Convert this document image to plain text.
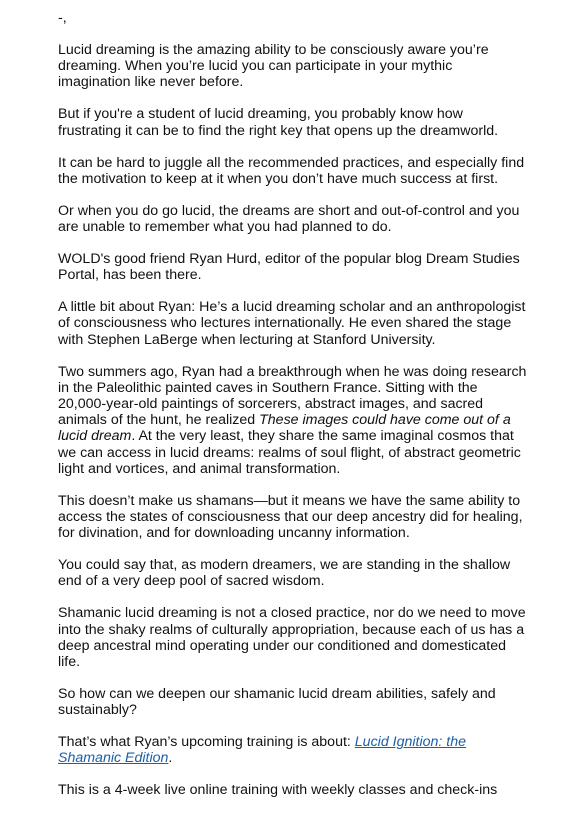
-,

Lucid dreaming is the amazing ability to be consciously aware you’re dreaming. When you’re lucid you can participate in your mythic imagination like never before.

But if you're a student of lucid dreaming, you probably know how frustrating it can be to find the right key that opens up the dreamworld.

It can be hard to juggle all the recommended practices, and especially find the motivation to keep at it when you don’t have much success at first.

Or when you do go lucid, the dreams are short and out-of-control and you are unable to remember what you had planned to do.

WOLD's good friend Ryan Hurd, editor of the popular blog Dream Studies Portal, has been there.

A little bit about Ryan: He’s a lucid dreaming scholar and an anthropologist of consciousness who lectures internationally. He even shared the stage with Stephen LaBerge when lecturing at Stanford University.

Two summers ago, Ryan had a breakthrough when he was doing research in the Paleolithic painted caves in Southern France. Sitting with the 20,000-year-old paintings of sorcerers, abstract images, and sacred animals of the hunt, he realized These images could have come out of a lucid dream. At the very least, they share the same imaginal cosmos that we can access in lucid dreams: realms of soul flight, of abstract geometric light and vortices, and animal transformation.

This doesn’t make us shamans—but it means we have the same ability to access the states of consciousness that our deep ancestry did for healing, for divination, and for downloading uncanny information.

You could say that, as modern dreamers, we are standing in the shallow end of a very deep pool of sacred wisdom.

Shamanic lucid dreaming is not a closed practice, nor do we need to move into the shaky realms of culturally appropriation, because each of us has a deep ancestral mind operating under our conditioned and domesticated life.

So how can we deepen our shamanic lucid dream abilities, safely and sustainably?

That’s what Ryan’s upcoming training is about: Lucid Ignition: the Shamanic Edition.

This is a 4-week live online training with weekly classes and check-ins
